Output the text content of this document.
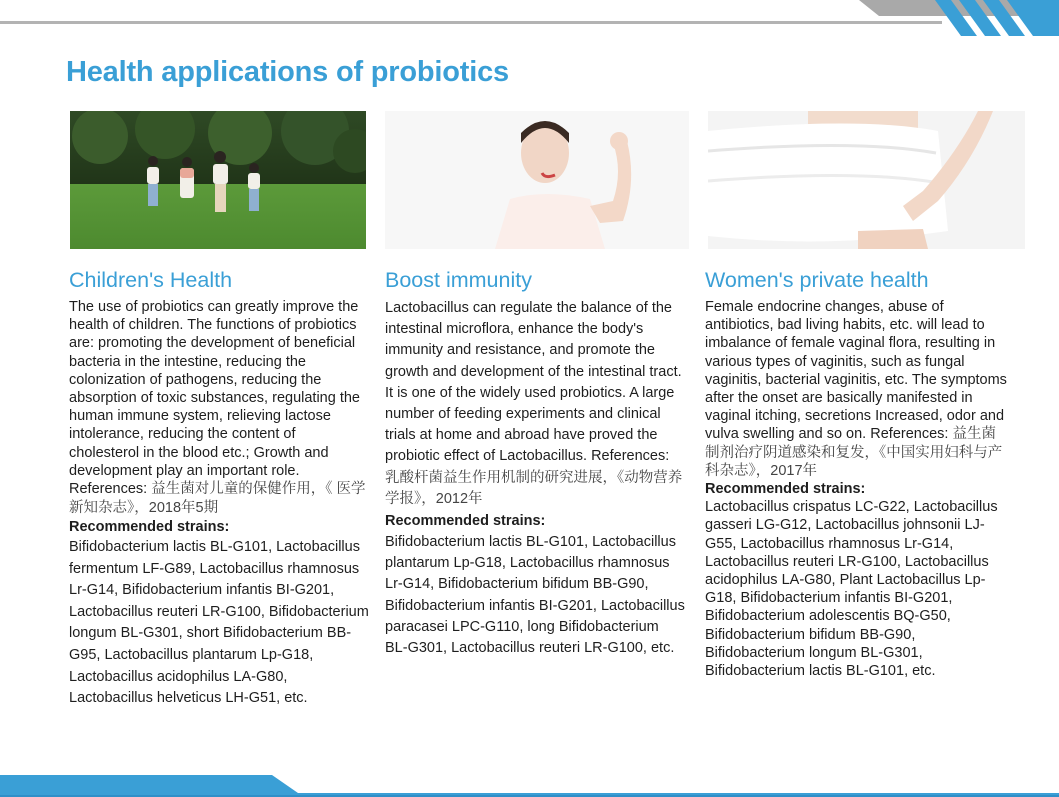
Health applications of probiotics
Children's Health

The use of probiotics can greatly improve the health of children. The functions of probiotics are: promoting the development of beneficial bacteria in the intestine, reducing the colonization of pathogens, reducing the absorption of toxic substances, regulating the human immune system, relieving lactose intolerance, reducing the content of cholesterol in the blood etc.; Growth and development play an important role. References: 益生菌对儿童的保健作用，《 医学新知杂志》，2018年5期

Recommended strains:

Bifidobacterium lactis BL-G101, Lactobacillus fermentum LF-G89, Lactobacillus rhamnosus Lr-G14, Bifidobacterium infantis BI-G201, Lactobacillus reuteri LR-G100, Bifidobacterium longum BL-G301, short Bifidobacterium BB-G95, Lactobacillus plantarum Lp-G18, Lactobacillus acidophilus LA-G80, Lactobacillus helveticus LH-G51, etc.

Boost immunity

Lactobacillus can regulate the balance of the intestinal microflora, enhance the body's immunity and resistance, and promote the growth and development of the intestinal tract. It is one of the widely used probiotics. A large number of feeding experiments and clinical trials at home and abroad have proved the probiotic effect of Lactobacillus. References: 乳酸杆菌益生作用机制的研究进展，《动物营养学报》，2012年

Recommended strains:

Bifidobacterium lactis BL-G101, Lactobacillus plantarum Lp-G18, Lactobacillus rhamnosus Lr-G14, Bifidobacterium bifidum BB-G90, Bifidobacterium infantis BI-G201, Lactobacillus paracasei LPC-G110, long Bifidobacterium BL-G301, Lactobacillus reuteri LR-G100, etc.

Women's private health

Female endocrine changes, abuse of antibiotics, bad living habits, etc. will lead to imbalance of female vaginal flora, resulting in various types of vaginitis, such as fungal vaginitis, bacterial vaginitis, etc. The symptoms after the onset are basically manifested in vaginal itching, secretions Increased, odor and vulva swelling and so on. References: 益生菌制剂治疗阴道感染和复发，《中国实用妇科与产科杂志》，2017年

Recommended strains:

Lactobacillus crispatus LC-G22, Lactobacillus gasseri LG-G12, Lactobacillus johnsonii LJ-G55, Lactobacillus rhamnosus Lr-G14, Lactobacillus reuteri LR-G100, Lactobacillus acidophilus LA-G80, Plant Lactobacillus Lp-G18, Bifidobacterium infantis BI-G201, Bifidobacterium adolescentis BQ-G50, Bifidobacterium bifidum BB-G90, Bifidobacterium longum BL-G301, Bifidobacterium lactis BL-G101, etc.
